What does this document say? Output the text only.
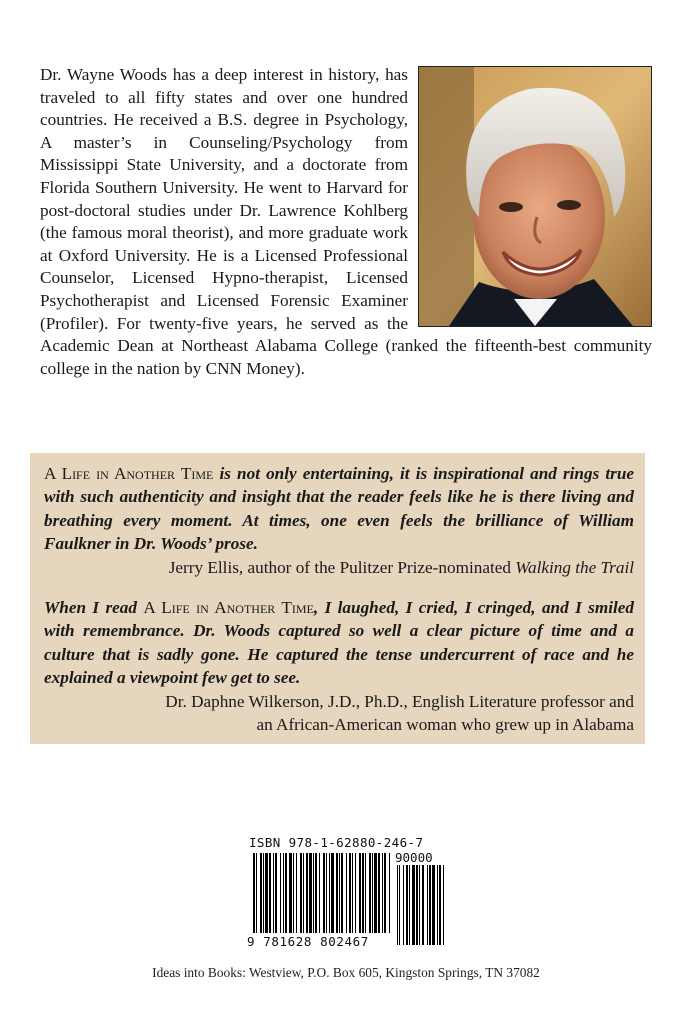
Dr. Wayne Woods has a deep interest in history, has traveled to all fifty states and over one hundred countries. He received a B.S. degree in Psychology, A master’s in Counseling/Psychology from Mississippi State University, and a doctorate from Florida Southern University. He went to Harvard for post-doctoral studies under Dr. Lawrence Kohlberg (the famous moral theorist), and more graduate work at Oxford University. He is a Licensed Professional Counselor, Licensed Hypno-therapist, Licensed Psychotherapist and Licensed Forensic Examiner (Profiler). For twenty-five years, he served as the Academic Dean at Northeast Alabama College (ranked the fifteenth-best community college in the nation by CNN Money).

A Life in Another Time is not only entertaining, it is inspirational and rings true with such authenticity and insight that the reader feels like he is there living and breathing every moment. At times, one even feels the brilliance of William Faulkner in Dr. Woods’ prose.

Jerry Ellis, author of the Pulitzer Prize-nominated Walking the Trail

When I read A Life in Another Time, I laughed, I cried, I cringed, and I smiled with remembrance. Dr. Woods captured so well a clear picture of time and a culture that is sadly gone. He captured the tense undercurrent of race and he explained a viewpoint few get to see.

Dr. Daphne Wilkerson, J.D., Ph.D., English Literature professor and
an African-American woman who grew up in Alabama

ISBN 978-1-62880-246-7
90000
9 781628 802467
Ideas into Books: Westview, P.O. Box 605, Kingston Springs, TN 37082
